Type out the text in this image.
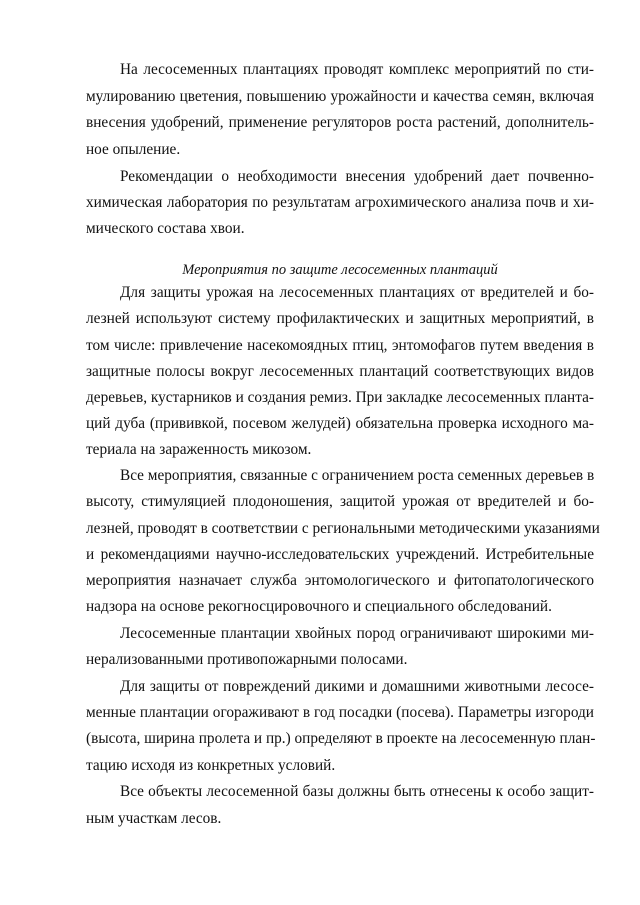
На лесосеменных плантациях проводят комплекс мероприятий по сти-
мулированию цветения, повышению урожайности и качества семян, включая
внесения удобрений, применение регуляторов роста растений, дополнитель-
ное опыление.
Рекомендации о необходимости внесения удобрений дает почвенно-
химическая лаборатория по результатам агрохимического анализа почв и хи-
мического состава хвои.
Мероприятия по защите лесосеменных плантаций
Для защиты урожая на лесосеменных плантациях от вредителей и бо-
лезней используют систему профилактических и защитных мероприятий, в
том числе: привлечение насекомоядных птиц, энтомофагов путем введения в
защитные полосы вокруг лесосеменных плантаций соответствующих видов
деревьев, кустарников и создания ремиз. При закладке лесосеменных планта-
ций дуба (прививкой, посевом желудей) обязательна проверка исходного ма-
териала на зараженность микозом.
Все мероприятия, связанные с ограничением роста семенных деревьев в
высоту, стимуляцией плодоношения, защитой урожая от вредителей и бо-
лезней, проводят в соответствии с региональными методическими указаниями
и рекомендациями научно-исследовательских учреждений. Истребительные
мероприятия назначает служба энтомологического и фитопатологического
надзора на основе рекогносцировочного и специального обследований.
Лесосеменные плантации хвойных пород ограничивают широкими ми-
нерализованными противопожарными полосами.
Для защиты от повреждений дикими и домашними животными лесосе-
менные плантации огораживают в год посадки (посева). Параметры изгороди
(высота, ширина пролета и пр.) определяют в проекте на лесосеменную план-
тацию исходя из конкретных условий.
Все объекты лесосеменной базы должны быть отнесены к особо защит-
ным участкам лесов.
